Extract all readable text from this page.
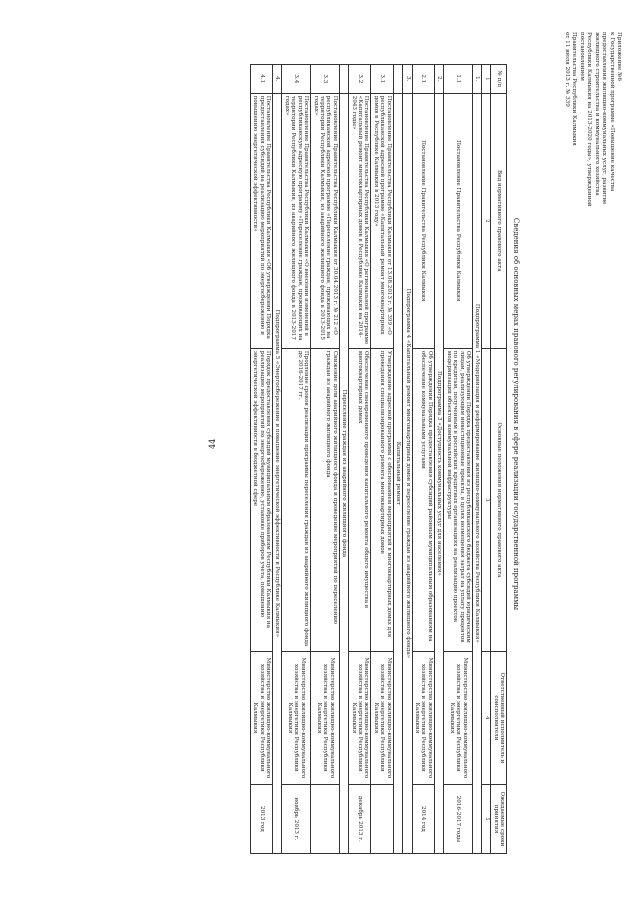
44
Приложение №6
к Государственной программе «Повышение качества
предоставления жилищно-коммунальных услуг, развитие
жилищного строительства и коммунального хозяйства
Республики Калмыкия на 2013-2020 годы», утвержденной
постановлением
Правительства Республики Калмыкия
от 11 июля 2013 г. № 339
Сведения об основных мерах правового регулирования в сфере реализации государственной программы
№ п/п	Вид нормативного правового акта	Основные положения нормативного правового акта	Ответственный исполнитель и соисполнители	Ожидаемые сроки принятия
1	2	3	4	5
1.	Подпрограмма 1 «Модернизация и реформирование жилищно-коммунального хозяйства Республики Калмыкия»			
1.1	Постановление Правительства Республики Калмыкия	Об утверждении Порядка предоставления из республиканского бюджета субсидий юридическим лицам, реализующим инвестиционные проекты, в целях возмещения затрат на уплату процентов по кредитам, полученным в российских кредитных организациях на реализацию проектов модернизации объектов коммунальной инфраструктуры	Министерство жилищно-коммунального хозяйства и энергетики Республики Калмыкия	2016-2017 годы
2.	Подпрограмма 3 «Доступность коммунальных услуг для населения»			
2.1	Постановление Правительства Республики Калмыкия	Об утверждении Порядка предоставления субсидий районным муниципальным образованиям на обеспечение коммунальными услугами	Министерство жилищно-коммунального хозяйства и энергетики Республики Калмыкия	2014 год
3.	Подпрограмма 4 «Капитальный ремонт многоквартирных домов и переселение граждан из аварийного жилищного фонда»			
	Капитальный ремонт			
3.1	Постановление Правительства Республики Калмыкия от 13.08.2013 г. № 399 «О республиканской адресной программе «Капитальный ремонт многоквартирных домов в Республике Калмыкия в 2013 году»	Утверждение адресной программы с обоснованием мероприятий в многоквартирных домах для проведения специализированного ремонта многоквартирных домов	Министерство жилищно-коммунального хозяйства и энергетики Республики Калмыкия	
3.2	Постановление Правительства Республики Калмыкия «О региональной программе «Капитальный ремонт многоквартирных домов в Республике Калмыкия на 2014-2043 годы»	Обеспечение своевременного проведения капитального ремонта общего имущества в многоквартирных домах	Министерство жилищно-коммунального хозяйства и энергетики Республики Калмыкия	декабрь 2013 г.
	Переселение граждан из аварийного жилищного фонда			
3.3	Постановление Правительства Республики Калмыкия от 30.04.2013 г. № 212 «О республиканской адресной программе «Переселение граждан, проживающих на территории Республики Калмыкия, из аварийного жилищного фонда в 2013-2015 годах»	Снижение доли аварийного жилищного фонда и проведение мероприятий по переселению граждан из аварийного жилищного фонда	Министерство жилищно-коммунального хозяйства и энергетики Республики Калмыкия	
3.4	Постановление Правительства Республики Калмыкия «О внесении изменений в республиканскую адресную программу «Переселение граждан, проживающих на территории Республики Калмыкия, из аварийного жилищного фонда в 2013-2017 годах»	Продление сроков реализации программы переселения граждан из аварийного жилищного фонда до 2016-2017 гг.	Министерство жилищно-коммунального хозяйства и энергетики Республики Калмыкия	ноябрь 2013 г.
4.	Подпрограмма 5 «Энергосбережение и повышение энергетической эффективности в Республике Калмыкия»			
4.1	Постановление Правительства Республики Калмыкия «Об утверждении Порядка предоставления субсидий на реализацию мероприятий по энергосбережению и повышению энергетической эффективности»	Порядок предоставления субсидий муниципальным образованиям Республики Калмыкия на реализацию мероприятий по энергосбережению, установке приборов учета, повышению энергетической эффективности в бюджетной сфере	Министерство жилищно-коммунального хозяйства и энергетики Республики Калмыкия	2013 год
